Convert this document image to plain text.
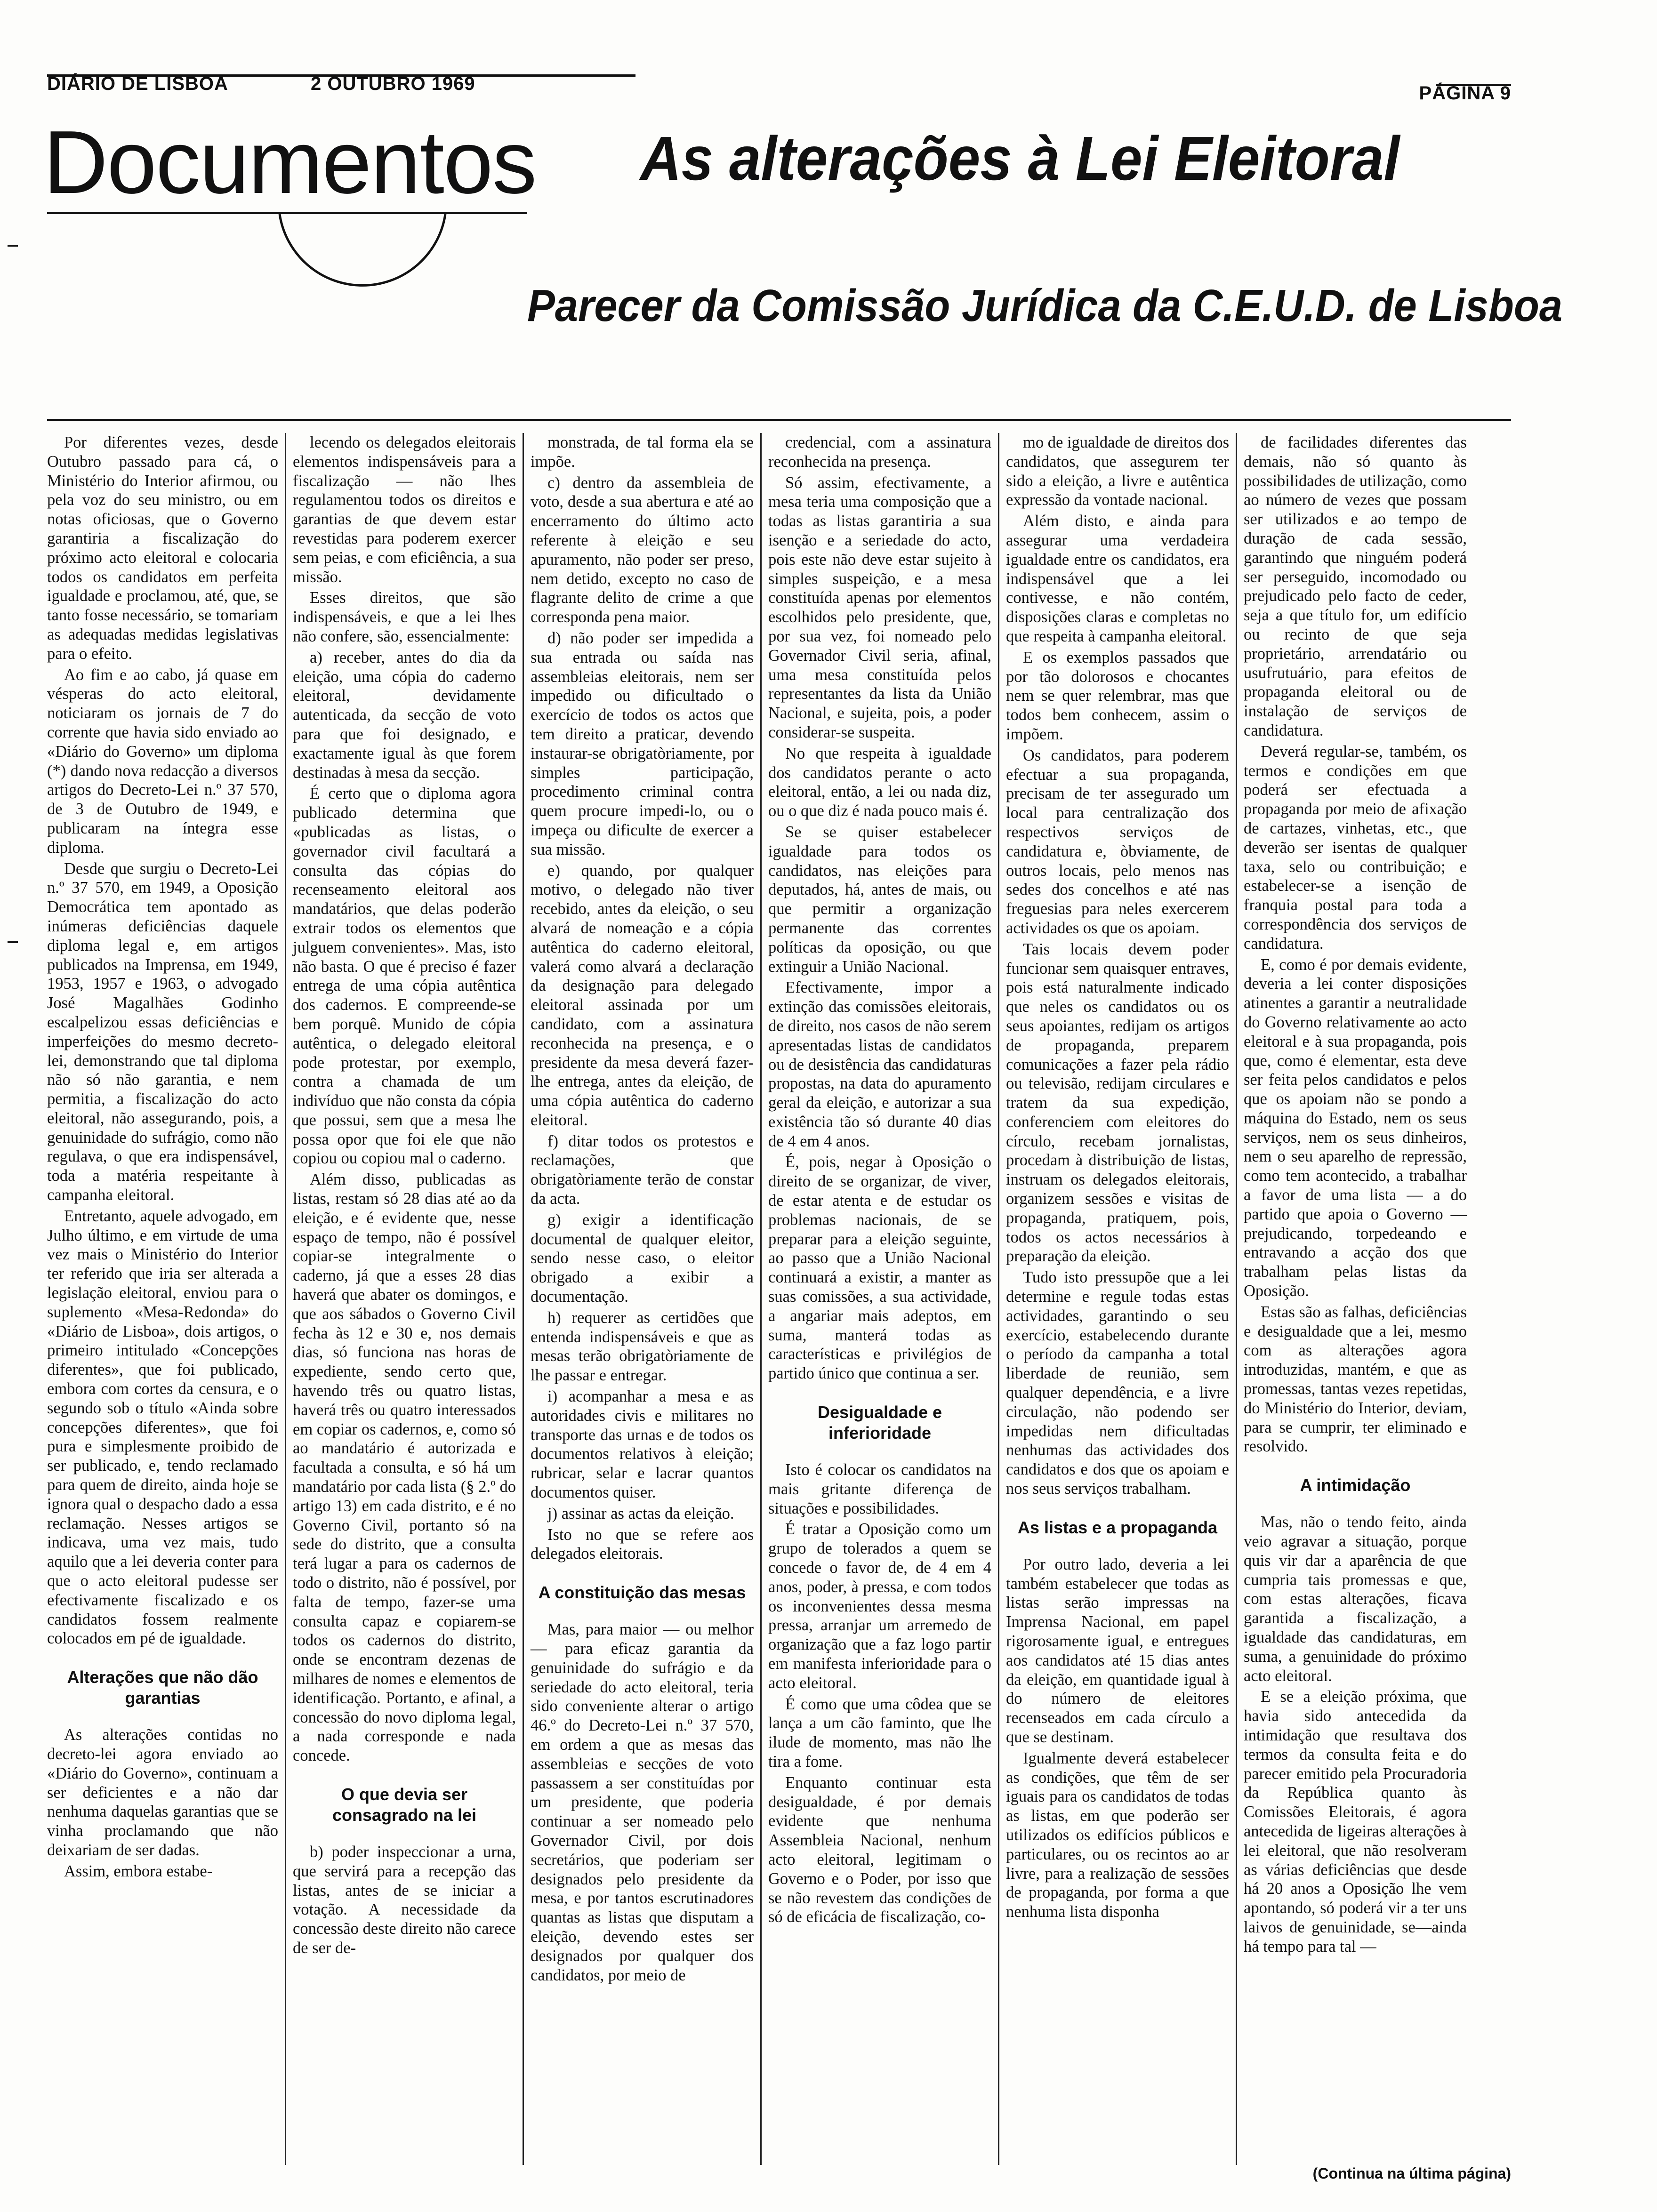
DIÁRIO DE LISBOA	2 OUTUBRO 1969	PÁGINA 9
Documentos As alterações à Lei Eleitoral
Parecer da Comissão Jurídica da C.E.U.D. de Lisboa

Por diferentes vezes, desde Outubro passado para cá, o Ministério do Interior afirmou, ou pela voz do seu ministro, ou em notas oficiosas, que o Governo garantiria a fiscalização do próximo acto eleitoral e colocaria todos os candidatos em perfeita igualdade e proclamou, até, que, se tanto fosse necessário, se tomariam as adequadas medidas legislativas para o efeito.

Ao fim e ao cabo, já quase em vésperas do acto eleitoral, noticiaram os jornais de 7 do corrente que havia sido enviado ao «Diário do Governo» um diploma (*) dando nova redacção a diversos artigos do Decreto-Lei n.º 37 570, de 3 de Outubro de 1949, e publicaram na íntegra esse diploma.

Desde que surgiu o Decreto-Lei n.º 37 570, em 1949, a Oposição Democrática tem apontado as inúmeras deficiências daquele diploma legal e, em artigos publicados na Imprensa, em 1949, 1953, 1957 e 1963, o advogado José Magalhães Godinho escalpelizou essas deficiências e imperfeições do mesmo decreto-lei, demonstrando que tal diploma não só não garantia, e nem permitia, a fiscalização do acto eleitoral, não assegurando, pois, a genuinidade do sufrágio, como não regulava, o que era indispensável, toda a matéria respeitante à campanha eleitoral.

Entretanto, aquele advogado, em Julho último, e em virtude de uma vez mais o Ministério do Interior ter referido que iria ser alterada a legislação eleitoral, enviou para o suplemento «Mesa-Redonda» do «Diário de Lisboa», dois artigos, o primeiro intitulado «Concepções diferentes», que foi publicado, embora com cortes da censura, e o segundo sob o título «Ainda sobre concepções diferentes», que foi pura e simplesmente proibido de ser publicado, e, tendo reclamado para quem de direito, ainda hoje se ignora qual o despacho dado a essa reclamação. Nesses artigos se indicava, uma vez mais, tudo aquilo que a lei deveria conter para que o acto eleitoral pudesse ser efectivamente fiscalizado e os candidatos fossem realmente colocados em pé de igualdade.

Alterações que não dão garantias

As alterações contidas no decreto-lei agora enviado ao «Diário do Governo», continuam a ser deficientes e a não dar nenhuma daquelas garantias que se vinha proclamando que não deixariam de ser dadas.

Assim, embora estabe-

lecendo os delegados eleitorais elementos indispensáveis para a fiscalização — não lhes regulamentou todos os direitos e garantias de que devem estar revestidas para poderem exercer sem peias, e com eficiência, a sua missão.

Esses direitos, que são indispensáveis, e que a lei lhes não confere, são, essencialmente:

a) receber, antes do dia da eleição, uma cópia do caderno eleitoral, devidamente autenticada, da secção de voto para que foi designado, e exactamente igual às que forem destinadas à mesa da secção.

É certo que o diploma agora publicado determina que «publicadas as listas, o governador civil facultará a consulta das cópias do recenseamento eleitoral aos mandatários, que delas poderão extrair todos os elementos que julguem convenientes». Mas, isto não basta. O que é preciso é fazer entrega de uma cópia autêntica dos cadernos. E compreende-se bem porquê. Munido de cópia autêntica, o delegado eleitoral pode protestar, por exemplo, contra a chamada de um indivíduo que não consta da cópia que possui, sem que a mesa lhe possa opor que foi ele que não copiou ou copiou mal o caderno.

Além disso, publicadas as listas, restam só 28 dias até ao da eleição, e é evidente que, nesse espaço de tempo, não é possível copiar-se integralmente o caderno, já que a esses 28 dias haverá que abater os domingos, e que aos sábados o Governo Civil fecha às 12 e 30 e, nos demais dias, só funciona nas horas de expediente, sendo certo que, havendo três ou quatro listas, haverá três ou quatro interessados em copiar os cadernos, e, como só ao mandatário é autorizada e facultada a consulta, e só há um mandatário por cada lista (§ 2.º do artigo 13) em cada distrito, e é no Governo Civil, portanto só na sede do distrito, que a consulta terá lugar a para os cadernos de todo o distrito, não é possível, por falta de tempo, fazer-se uma consulta capaz e copiarem-se todos os cadernos do distrito, onde se encontram dezenas de milhares de nomes e elementos de identificação. Portanto, e afinal, a concessão do novo diploma legal, a nada corresponde e nada concede.

O que devia ser consagrado na lei

b) poder inspeccionar a urna, que servirá para a recepção das listas, antes de se iniciar a votação. A necessidade da concessão deste direito não carece de ser de-

monstrada, de tal forma ela se impõe.

c) dentro da assembleia de voto, desde a sua abertura e até ao encerramento do último acto referente à eleição e seu apuramento, não poder ser preso, nem detido, excepto no caso de flagrante delito de crime a que corresponda pena maior.

d) não poder ser impedida a sua entrada ou saída nas assembleias eleitorais, nem ser impedido ou dificultado o exercício de todos os actos que tem direito a praticar, devendo instaurar-se obrigatòriamente, por simples participação, procedimento criminal contra quem procure impedi-lo, ou o impeça ou dificulte de exercer a sua missão.

e) quando, por qualquer motivo, o delegado não tiver recebido, antes da eleição, o seu alvará de nomeação e a cópia autêntica do caderno eleitoral, valerá como alvará a declaração da designação para delegado eleitoral assinada por um candidato, com a assinatura reconhecida na presença, e o presidente da mesa deverá fazer-lhe entrega, antes da eleição, de uma cópia autêntica do caderno eleitoral.

f) ditar todos os protestos e reclamações, que obrigatòriamente terão de constar da acta.

g) exigir a identificação documental de qualquer eleitor, sendo nesse caso, o eleitor obrigado a exibir a documentação.

h) requerer as certidões que entenda indispensáveis e que as mesas terão obrigatòriamente de lhe passar e entregar.

i) acompanhar a mesa e as autoridades civis e militares no transporte das urnas e de todos os documentos relativos à eleição; rubricar, selar e lacrar quantos documentos quiser.

j) assinar as actas da eleição.

Isto no que se refere aos delegados eleitorais.

A constituição das mesas

Mas, para maior — ou melhor — para eficaz garantia da genuinidade do sufrágio e da seriedade do acto eleitoral, teria sido conveniente alterar o artigo 46.º do Decreto-Lei n.º 37 570, em ordem a que as mesas das assembleias e secções de voto passassem a ser constituídas por um presidente, que poderia continuar a ser nomeado pelo Governador Civil, por dois secretários, que poderiam ser designados pelo presidente da mesa, e por tantos escrutinadores quantas as listas que disputam a eleição, devendo estes ser designados por qualquer dos candidatos, por meio de

credencial, com a assinatura reconhecida na presença.

Só assim, efectivamente, a mesa teria uma composição que a todas as listas garantiria a sua isenção e a seriedade do acto, pois este não deve estar sujeito à simples suspeição, e a mesa constituída apenas por elementos escolhidos pelo presidente, que, por sua vez, foi nomeado pelo Governador Civil seria, afinal, uma mesa constituída pelos representantes da lista da União Nacional, e sujeita, pois, a poder considerar-se suspeita.

No que respeita à igualdade dos candidatos perante o acto eleitoral, então, a lei ou nada diz, ou o que diz é nada pouco mais é.

Se se quiser estabelecer igualdade para todos os candidatos, nas eleições para deputados, há, antes de mais, ou que permitir a organização permanente das correntes políticas da oposição, ou que extinguir a União Nacional.

Efectivamente, impor a extinção das comissões eleitorais, de direito, nos casos de não serem apresentadas listas de candidatos ou de desistência das candidaturas propostas, na data do apuramento geral da eleição, e autorizar a sua existência tão só durante 40 dias de 4 em 4 anos.

É, pois, negar à Oposição o direito de se organizar, de viver, de estar atenta e de estudar os problemas nacionais, de se preparar para a eleição seguinte, ao passo que a União Nacional continuará a existir, a manter as suas comissões, a sua actividade, a angariar mais adeptos, em suma, manterá todas as características e privilégios de partido único que continua a ser.

Desigualdade e inferioridade

Isto é colocar os candidatos na mais gritante diferença de situações e possibilidades.

É tratar a Oposição como um grupo de tolerados a quem se concede o favor de, de 4 em 4 anos, poder, à pressa, e com todos os inconvenientes dessa mesma pressa, arranjar um arremedo de organização que a faz logo partir em manifesta inferioridade para o acto eleitoral.

É como que uma côdea que se lança a um cão faminto, que lhe ilude de momento, mas não lhe tira a fome.

Enquanto continuar esta desigualdade, é por demais evidente que nenhuma Assembleia Nacional, nenhum acto eleitoral, legitimam o Governo e o Poder, por isso que se não revestem das condições de só de eficácia de fiscalização, co-

mo de igualdade de direitos dos candidatos, que assegurem ter sido a eleição, a livre e autêntica expressão da vontade nacional.

Além disto, e ainda para assegurar uma verdadeira igualdade entre os candidatos, era indispensável que a lei contivesse, e não contém, disposições claras e completas no que respeita à campanha eleitoral.

E os exemplos passados que por tão dolorosos e chocantes nem se quer relembrar, mas que todos bem conhecem, assim o impõem.

Os candidatos, para poderem efectuar a sua propaganda, precisam de ter assegurado um local para centralização dos respectivos serviços de candidatura e, òbviamente, de outros locais, pelo menos nas sedes dos concelhos e até nas freguesias para neles exercerem actividades os que os apoiam.

Tais locais devem poder funcionar sem quaisquer entraves, pois está naturalmente indicado que neles os candidatos ou os seus apoiantes, redijam os artigos de propaganda, preparem comunicações a fazer pela rádio ou televisão, redijam circulares e tratem da sua expedição, conferenciem com eleitores do círculo, recebam jornalistas, procedam à distribuição de listas, instruam os delegados eleitorais, organizem sessões e visitas de propaganda, pratiquem, pois, todos os actos necessários à preparação da eleição.

Tudo isto pressupõe que a lei determine e regule todas estas actividades, garantindo o seu exercício, estabelecendo durante o período da campanha a total liberdade de reunião, sem qualquer dependência, e a livre circulação, não podendo ser impedidas nem dificultadas nenhumas das actividades dos candidatos e dos que os apoiam e nos seus serviços trabalham.

As listas e a propaganda

Por outro lado, deveria a lei também estabelecer que todas as listas serão impressas na Imprensa Nacional, em papel rigorosamente igual, e entregues aos candidatos até 15 dias antes da eleição, em quantidade igual à do número de eleitores recenseados em cada círculo a que se destinam.

Igualmente deverá estabelecer as condições, que têm de ser iguais para os candidatos de todas as listas, em que poderão ser utilizados os edifícios públicos e particulares, ou os recintos ao ar livre, para a realização de sessões de propaganda, por forma a que nenhuma lista disponha

de facilidades diferentes das demais, não só quanto às possibilidades de utilização, como ao número de vezes que possam ser utilizados e ao tempo de duração de cada sessão, garantindo que ninguém poderá ser perseguido, incomodado ou prejudicado pelo facto de ceder, seja a que título for, um edifício ou recinto de que seja proprietário, arrendatário ou usufrutuário, para efeitos de propaganda eleitoral ou de instalação de serviços de candidatura.

Deverá regular-se, também, os termos e condições em que poderá ser efectuada a propaganda por meio de afixação de cartazes, vinhetas, etc., que deverão ser isentas de qualquer taxa, selo ou contribuição; e estabelecer-se a isenção de franquia postal para toda a correspondência dos serviços de candidatura.

E, como é por demais evidente, deveria a lei conter disposições atinentes a garantir a neutralidade do Governo relativamente ao acto eleitoral e à sua propaganda, pois que, como é elementar, esta deve ser feita pelos candidatos e pelos que os apoiam não se pondo a máquina do Estado, nem os seus serviços, nem os seus dinheiros, nem o seu aparelho de repressão, como tem acontecido, a trabalhar a favor de uma lista — a do partido que apoia o Governo — prejudicando, torpedeando e entravando a acção dos que trabalham pelas listas da Oposição.

Estas são as falhas, deficiências e desigualdade que a lei, mesmo com as alterações agora introduzidas, mantém, e que as promessas, tantas vezes repetidas, do Ministério do Interior, deviam, para se cumprir, ter eliminado e resolvido.

A intimidação

Mas, não o tendo feito, ainda veio agravar a situação, porque quis vir dar a aparência de que cumpria tais promessas e que, com estas alterações, ficava garantida a fiscalização, a igualdade das candidaturas, em suma, a genuinidade do próximo acto eleitoral.

E se a eleição próxima, que havia sido antecedida da intimidação que resultava dos termos da consulta feita e do parecer emitido pela Procuradoria da República quanto às Comissões Eleitorais, é agora antecedida de ligeiras alterações à lei eleitoral, que não resolveram as várias deficiências que desde há 20 anos a Oposição lhe vem apontando, só poderá vir a ter uns laivos de genuinidade, se—ainda há tempo para tal —

(Continua na última página)
